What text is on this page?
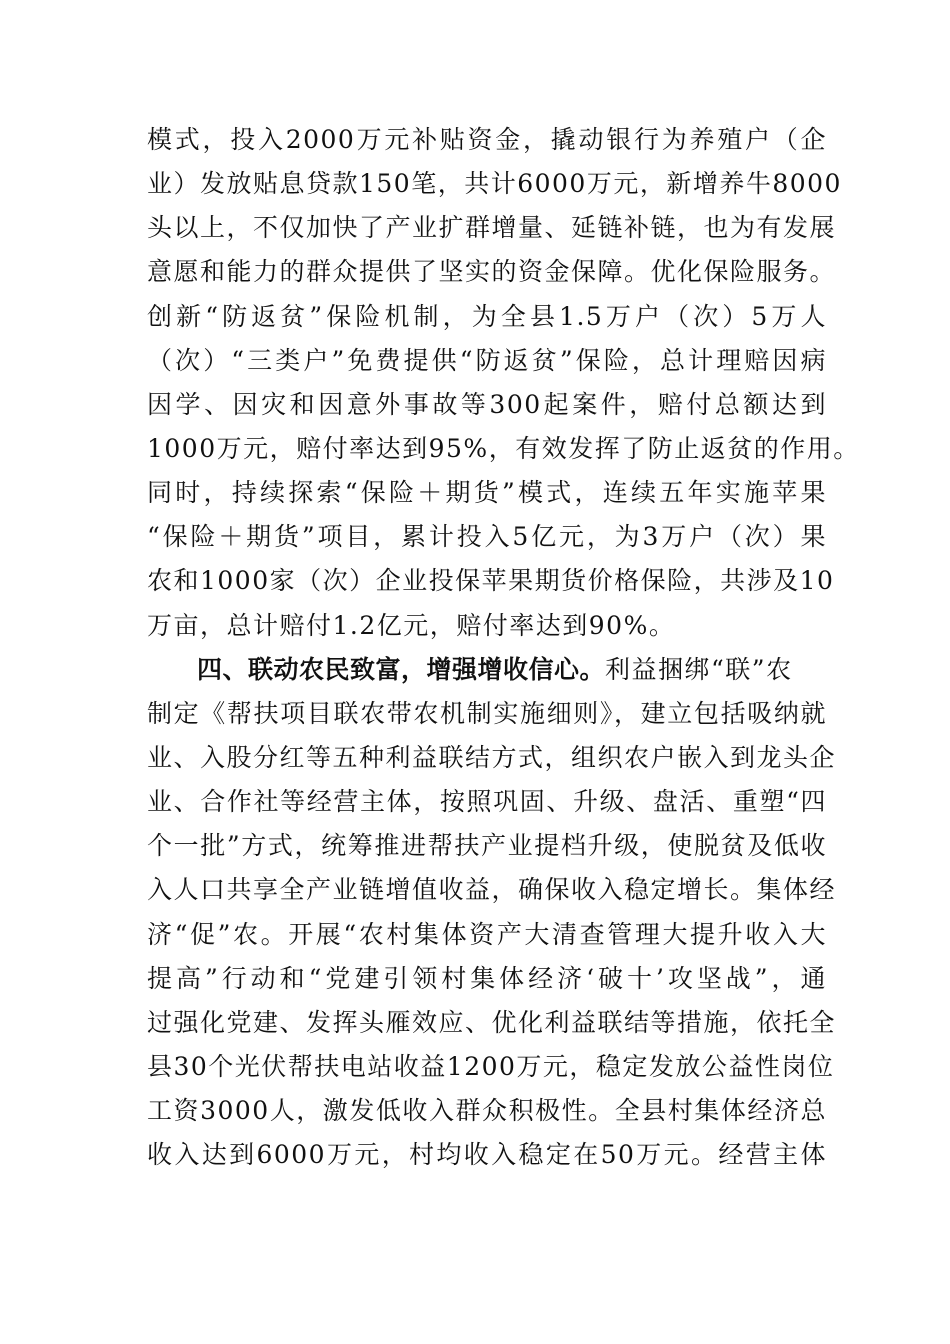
模式，投入2000万元补贴资金，撬动银行为养殖户（企
业）发放贴息贷款150笔，共计6000万元，新增养牛8000
头以上，不仅加快了产业扩群增量、延链补链，也为有发展
意愿和能力的群众提供了坚实的资金保障。优化保险服务。
创新“防返贫”保险机制，为全县1.5万户（次）5万人
（次）“三类户”免费提供“防返贫”保险，总计理赔因病
因学、因灾和因意外事故等300起案件，赔付总额达到
1000万元，赔付率达到95%，有效发挥了防止返贫的作用。
同时，持续探索“保险＋期货”模式，连续五年实施苹果
“保险＋期货”项目，累计投入5亿元，为3万户（次）果
农和1000家（次）企业投保苹果期货价格保险，共涉及10
万亩，总计赔付1.2亿元，赔付率达到90%。
四、联动农民致富，增强增收信心。利益捆绑“联”农
制定《帮扶项目联农带农机制实施细则》，建立包括吸纳就
业、入股分红等五种利益联结方式，组织农户嵌入到龙头企
业、合作社等经营主体，按照巩固、升级、盘活、重塑“四
个一批”方式，统筹推进帮扶产业提档升级，使脱贫及低收
入人口共享全产业链增值收益，确保收入稳定增长。集体经
济“促”农。开展“农村集体资产大清查管理大提升收入大
提高”行动和“党建引领村集体经济‘破十’攻坚战”，通
过强化党建、发挥头雁效应、优化利益联结等措施，依托全
县30个光伏帮扶电站收益1200万元，稳定发放公益性岗位
工资3000人，激发低收入群众积极性。全县村集体经济总
收入达到6000万元，村均收入稳定在50万元。经营主体
